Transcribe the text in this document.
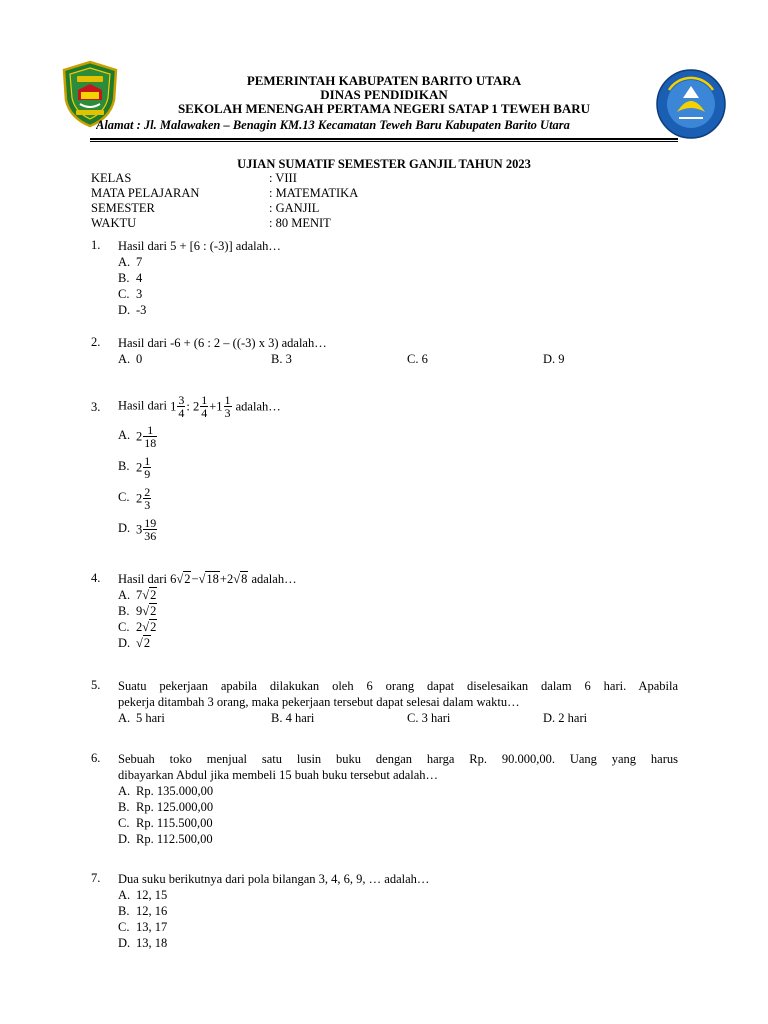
PEMERINTAH KABUPATEN BARITO UTARA
DINAS PENDIDIKAN
SEKOLAH MENENGAH PERTAMA NEGERI SATAP 1 TEWEH BARU
Alamat : Jl. Malawaken – Benagin KM.13 Kecamatan Teweh Baru Kabupaten Barito Utara
UJIAN SUMATIF SEMESTER GANJIL TAHUN 2023
KELAS	: VIII
MATA PELAJARAN	: MATEMATIKA
SEMESTER	: GANJIL
WAKTU	: 80 MENIT
1. Hasil dari 5 + [6 : (-3)] adalah…
A. 7
B. 4
C. 3
D. -3
2. Hasil dari -6 + (6 : 2 – ((-3) x 3) adalah…
A. 0	B. 3	C. 6	D. 9
3. Hasil dari $1 \frac{3}{4}$ : $2 \frac{1}{4} +1 \frac{1}{3}$ adalah…
A. $2 \frac{1}{18}$
B. $2 \frac{1}{9}$
C. $2 \frac{2}{3}$
D. $3 \frac{19}{36}$
4. Hasil dari 6√2−√18+2√8 adalah…
A. 7√2
B. 9√2
C. 2√2
D. √2
5. Suatu pekerjaan apabila dilakukan oleh 6 orang dapat diselesaikan dalam 6 hari. Apabila
pekerja ditambah 3 orang, maka pekerjaan tersebut dapat selesai dalam waktu…
A. 5 hari	B. 4 hari	C. 3 hari	D. 2 hari
6. Sebuah toko menjual satu lusin buku dengan harga Rp. 90.000,00. Uang yang harus
dibayarkan Abdul jika membeli 15 buah buku tersebut adalah…
A. Rp. 135.000,00
B. Rp. 125.000,00
C. Rp. 115.500,00
D. Rp. 112.500,00
7. Dua suku berikutnya dari pola bilangan 3, 4, 6, 9, … adalah…
A. 12, 15
B. 12, 16
C. 13, 17
D. 13, 18
